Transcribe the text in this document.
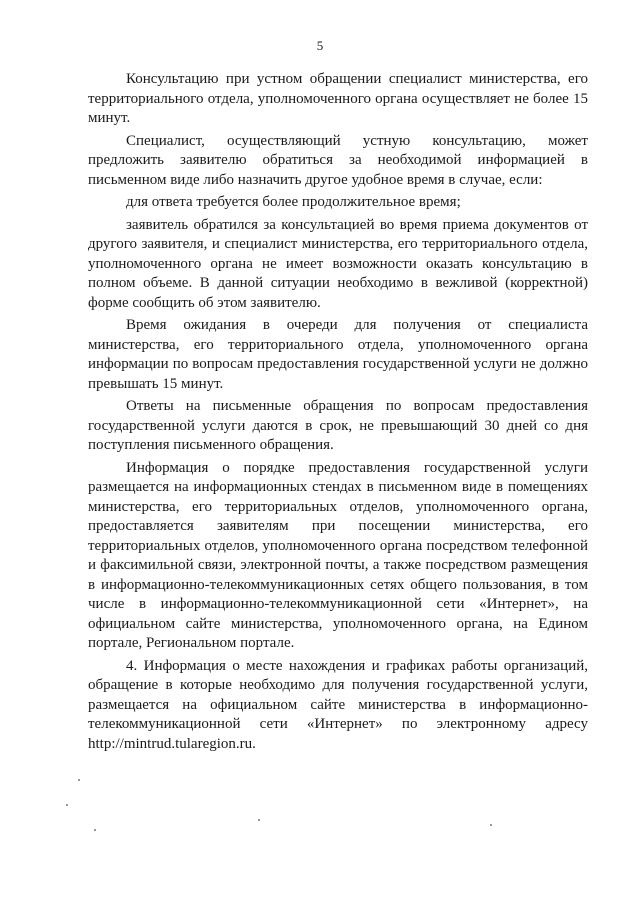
5

Консультацию при устном обращении специалист министерства, его территориального отдела, уполномоченного органа осуществляет не более 15 минут.

Специалист, осуществляющий устную консультацию, может предложить заявителю обратиться за необходимой информацией в письменном виде либо назначить другое удобное время в случае, если:

для ответа требуется более продолжительное время;

заявитель обратился за консультацией во время приема документов от другого заявителя, и специалист министерства, его территориального отдела, уполномоченного органа не имеет возможности оказать консультацию в полном объеме. В данной ситуации необходимо в вежливой (корректной) форме сообщить об этом заявителю.

Время ожидания в очереди для получения от специалиста министерства, его территориального отдела, уполномоченного органа информации по вопросам предоставления государственной услуги не должно превышать 15 минут.

Ответы на письменные обращения по вопросам предоставления государственной услуги даются в срок, не превышающий 30 дней со дня поступления письменного обращения.

Информация о порядке предоставления государственной услуги размещается на информационных стендах в письменном виде в помещениях министерства, его территориальных отделов, уполномоченного органа, предоставляется заявителям при посещении министерства, его территориальных отделов, уполномоченного органа посредством телефонной и факсимильной связи, электронной почты, а также посредством размещения в информационно-телекоммуникационных сетях общего пользования, в том числе в информационно-телекоммуникационной сети «Интернет», на официальном сайте министерства, уполномоченного органа, на Едином портале, Региональном портале.

4. Информация о месте нахождения и графиках работы организаций, обращение в которые необходимо для получения государственной услуги, размещается на официальном сайте министерства в информационно-телекоммуникационной сети «Интернет» по электронному адресу http://mintrud.tularegion.ru.
